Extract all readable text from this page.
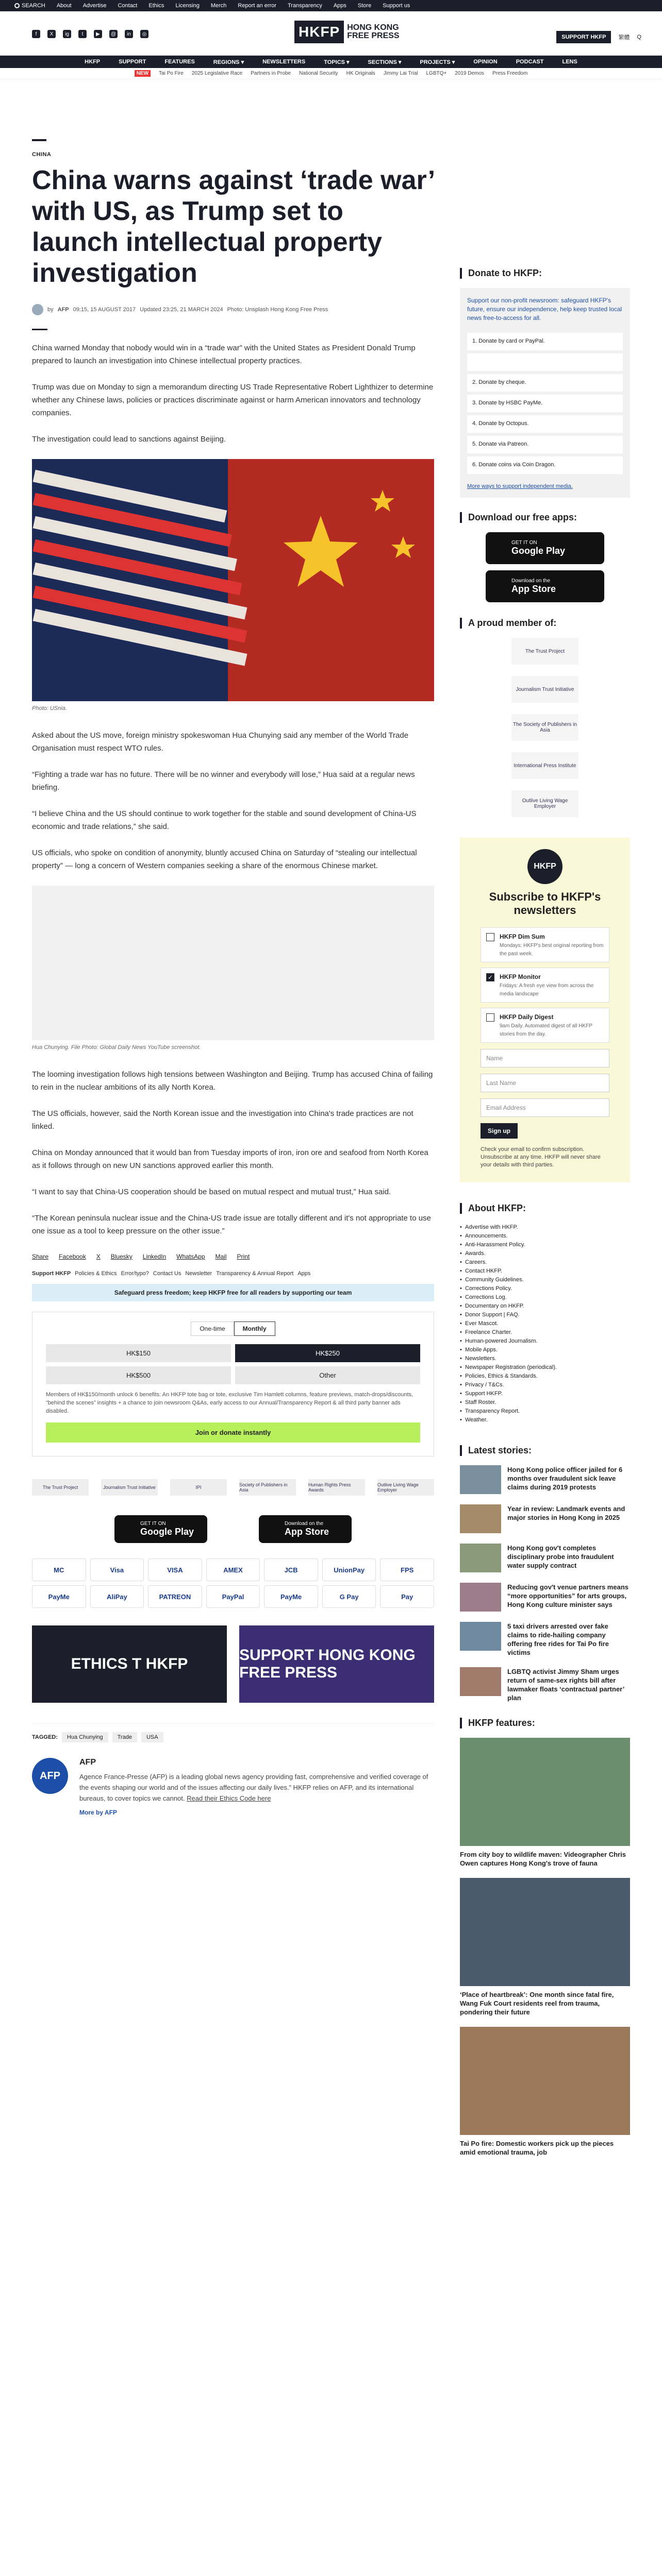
SEARCH About Advertise Contact Ethics Licensing Merch Report an error Transparency Apps Store Support us
f	X	ig	t	▶	@	in	◎	HKFP HONG KONG
FREE PRESS	SUPPORT HKFP	繁體 Q
HKFP	SUPPORT	FEATURES	REGIONS ▾	NEWSLETTERS	TOPICS ▾	SECTIONS ▾	PROJECTS ▾	OPINION	PODCAST	LENS
NEW	Tai Po Fire 2025 Legislative Race Partners in Probe National Security HK Originals Jimmy Lai Trial LGBTQ+ 2019 Demos Press Freedom
CHINA
China warns against ‘trade war’ with US, as Trump set to launch intellectual property investigation
by AFP 09:15, 15 AUGUST 2017 Updated 23:25, 21 MARCH 2024 Photo: Unsplash Hong Kong Free Press

China warned Monday that nobody would win in a “trade war” with the United States as President Donald Trump prepared to launch an investigation into Chinese intellectual property practices.

Trump was due on Monday to sign a memorandum directing US Trade Representative Robert Lighthizer to determine whether any Chinese laws, policies or practices discriminate against or harm American innovators and technology companies.

The investigation could lead to sanctions against Beijing.

Photo: USnia.

Asked about the US move, foreign ministry spokeswoman Hua Chunying said any member of the World Trade Organisation must respect WTO rules.

“Fighting a trade war has no future. There will be no winner and everybody will lose,” Hua said at a regular news briefing.

“I believe China and the US should continue to work together for the stable and sound development of China-US economic and trade relations,” she said.

US officials, who spoke on condition of anonymity, bluntly accused China on Saturday of “stealing our intellectual property” — long a concern of Western companies seeking a share of the enormous Chinese market.

Hua Chunying. File Photo: Global Daily News YouTube screenshot.

The looming investigation follows high tensions between Washington and Beijing. Trump has accused China of failing to rein in the nuclear ambitions of its ally North Korea.

The US officials, however, said the North Korean issue and the investigation into China's trade practices are not linked.

China on Monday announced that it would ban from Tuesday imports of iron, iron ore and seafood from North Korea as it follows through on new UN sanctions approved earlier this month.

“I want to say that China-US cooperation should be based on mutual respect and mutual trust,” Hua said.

“The Korean peninsula nuclear issue and the China-US trade issue are totally different and it's not appropriate to use one issue as a tool to keep pressure on the other issue.”

Share Facebook X Bluesky LinkedIn WhatsApp Mail Print
Support HKFP Policies & Ethics Error/typo? Contact Us Newsletter Transparency & Annual Report Apps
Safeguard press freedom; keep HKFP free for all readers by supporting our team
One-time	Monthly
HK$150	HK$250
HK$500	Other
Members of HK$150/month unlock 6 benefits: An HKFP tote bag or tote, exclusive Tim Hamlett columns, feature previews, match-drops/discounts, “behind the scenes” insights + a chance to join newsroom Q&As, early access to our Annual/Transparency Report & all third party banner ads disabled.
Join or donate instantly
The Trust Project	Journalism Trust Initiative	IPI	Society of Publishers in Asia
Human Rights Press Awards
Outlive Living Wage Employer
GET IT ON
Google Play
Download on the
App Store
MC	Visa	VISA	AMEX	JCB	UnionPay	FPS
PayMe	AliPay	PATREON	PayPal	PayMe	G Pay	Pay
ETHICS T HKFP
SUPPORT HONG KONG FREE PRESS
TAGGED:	Hua Chunying	Trade	USA
AFP
AFP
Agence France-Presse (AFP) is a leading global news agency providing fast, comprehensive and verified coverage of the events shaping our world and of the issues affecting our daily lives.” HKFP relies on AFP, and its international bureaus, to cover topics we cannot. Read their Ethics Code here
More by AFP
Donate to HKFP:
Support our non-profit newsroom: safeguard HKFP's future, ensure our independence, help keep trusted local news free-to-access for all.
1. Donate by card or PayPal.
2. Donate by cheque.
3. Donate by HSBC PayMe.
4. Donate by Octopus.
5. Donate via Patreon.
6. Donate coins via Coin Dragon.
More ways to support independent media.
Download our free apps:
GET IT ON
Google Play
Download on the
App Store
A proud member of:
The Trust Project
Journalism Trust Initiative
The Society of Publishers in Asia
International Press Institute
Outlive Living Wage Employer
HKFP
Subscribe to HKFP's newsletters
HKFP Dim Sum
Mondays: HKFP's best original reporting from the past week.
✓ HKFP Monitor
Fridays: A fresh eye view from across the media landscape
HKFP Daily Digest
9am Daily. Automated digest of all HKFP stories from the day.
Name
Last Name
Email Address
Sign up
Check your email to confirm subscription. Unsubscribe at any time. HKFP will never share your details with third parties.
About HKFP:
• Advertise with HKFP.
• Announcements.
• Anti-Harassment Policy.
• Awards.
• Careers.
• Contact HKFP.
• Community Guidelines.
• Corrections Policy.
• Corrections Log.
• Documentary on HKFP.
• Donor Support | FAQ.
• Ever Mascot.
• Freelance Charter.
• Human-powered Journalism.
• Mobile Apps.
• Newsletters.
• Newspaper Registration (periodical).
• Policies, Ethics & Standards.
• Privacy / T&Cs.
• Support HKFP.
• Staff Roster.
• Transparency Report.
• Weather.
Latest stories:
Hong Kong police officer jailed for 6 months over fraudulent sick leave claims during 2019 protests
Year in review: Landmark events and major stories in Hong Kong in 2025
Hong Kong gov't completes disciplinary probe into fraudulent water supply contract
Reducing gov't venue partners means “more opportunities” for arts groups, Hong Kong culture minister says
5 taxi drivers arrested over fake claims to ride-hailing company offering free rides for Tai Po fire victims
LGBTQ activist Jimmy Sham urges return of same-sex rights bill after lawmaker floats ‘contractual partner’ plan
HKFP features:
From city boy to wildlife maven: Videographer Chris Owen captures Hong Kong's trove of fauna
‘Place of heartbreak’: One month since fatal fire, Wang Fuk Court residents reel from trauma, pondering their future
Tai Po fire: Domestic workers pick up the pieces amid emotional trauma, job
